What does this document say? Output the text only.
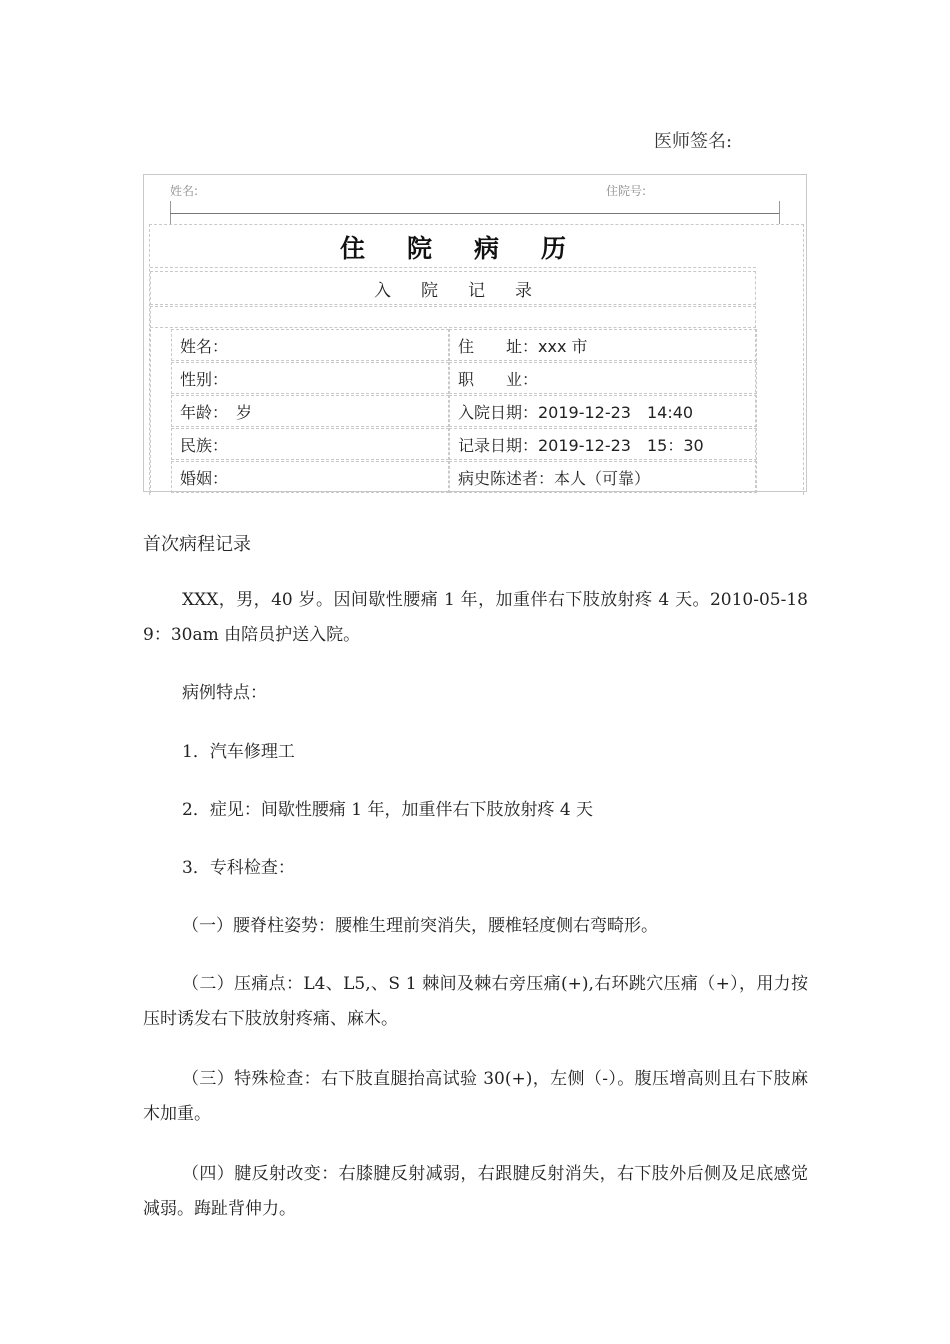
医师签名:
姓名:	住院号:
住院病历
入院记录
姓名：	住　　址：xxx 市
性别：	职　　业：
年龄：　岁	入院日期：2019-12-23　14:40
民族：	记录日期：2019-12-23　15：30
婚姻：	病史陈述者：本人（可靠）
首次病程记录

XXX，男，40 岁。因间歇性腰痛 1 年，加重伴右下肢放射疼 4 天。2010-05-18 9：30am 由陪员护送入院。

病例特点：

1．汽车修理工

2．症见：间歇性腰痛 1 年，加重伴右下肢放射疼 4 天

3．专科检查：

（一）腰脊柱姿势：腰椎生理前突消失，腰椎轻度侧右弯畸形。

（二）压痛点：L4、L5,、S 1 棘间及棘右旁压痛(+),右环跳穴压痛（+），用力按压时诱发右下肢放射疼痛、麻木。

（三）特殊检查：右下肢直腿抬高试验 30(+)，左侧（-）。腹压增高则且右下肢麻木加重。

（四）腱反射改变：右膝腱反射减弱，右跟腱反射消失，右下肢外后侧及足底感觉减弱。踇趾背伸力。
